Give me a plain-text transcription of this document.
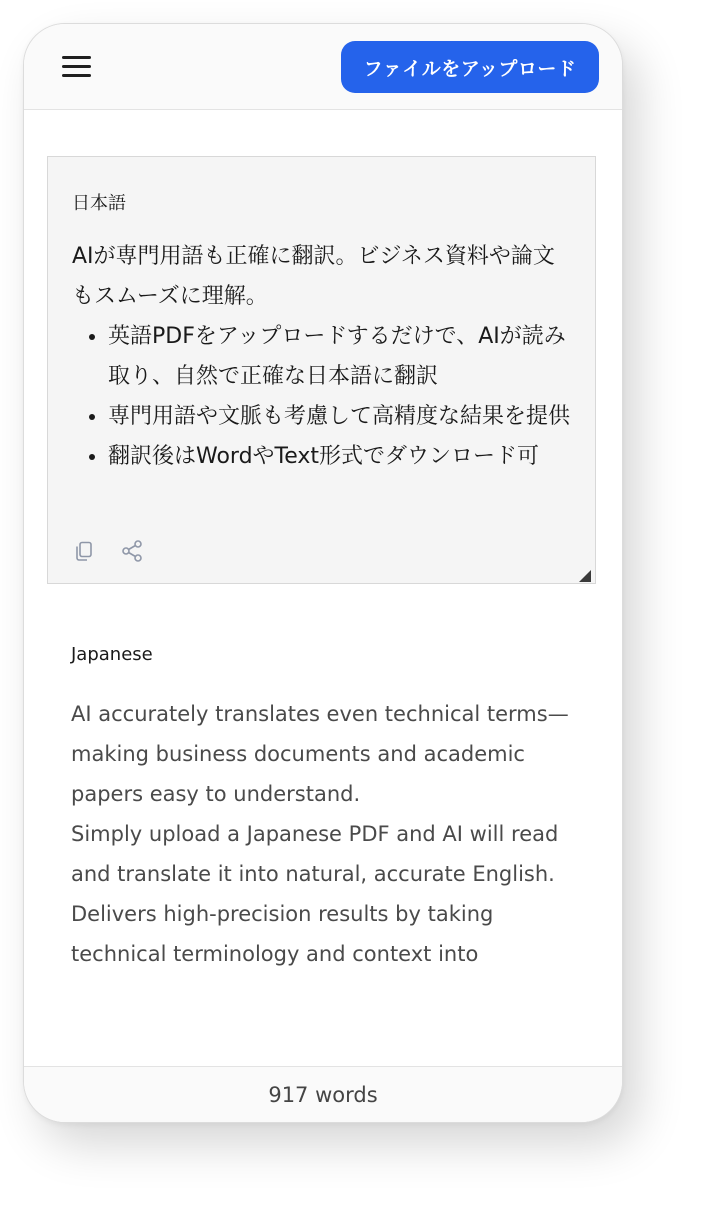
ファイルをアップロード
日本語

AIが専門用語も正確に翻訳。ビジネス資料や論文もスムーズに理解。

• 英語PDFをアップロードするだけで、AIが読み取り、自然で正確な日本語に翻訳
• 専門用語や文脈も考慮して高精度な結果を提供
• 翻訳後はWordやText形式でダウンロード可
Japanese

AI accurately translates even technical terms—making business documents and academic papers easy to understand.

Simply upload a Japanese PDF and AI will read and translate it into natural, accurate English.

Delivers high-precision results by taking technical terminology and context into

917 words
